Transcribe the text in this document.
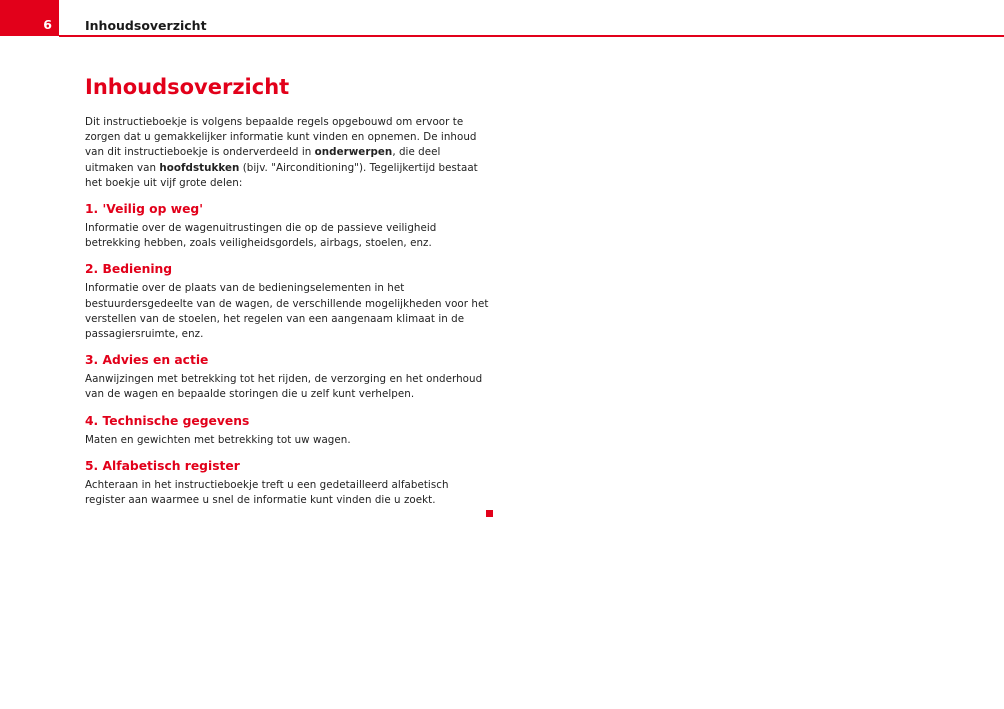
6	Inhoudsoverzicht
Inhoudsoverzicht

Dit instructieboekje is volgens bepaalde regels opgebouwd om ervoor te zorgen dat u gemakkelijker informatie kunt vinden en opnemen. De inhoud van dit instructieboekje is onderverdeeld in onderwerpen, die deel uitmaken van hoofdstukken (bijv. "Airconditioning"). Tegelijkertijd bestaat het boekje uit vijf grote delen:

1. 'Veilig op weg'

Informatie over de wagenuitrustingen die op de passieve veiligheid betrekking hebben, zoals veiligheidsgordels, airbags, stoelen, enz.

2. Bediening

Informatie over de plaats van de bedieningselementen in het bestuurdersgedeelte van de wagen, de verschillende mogelijkheden voor het verstellen van de stoelen, het regelen van een aangenaam klimaat in de passagiersruimte, enz.

3. Advies en actie

Aanwijzingen met betrekking tot het rijden, de verzorging en het onderhoud van de wagen en bepaalde storingen die u zelf kunt verhelpen.

4. Technische gegevens

Maten en gewichten met betrekking tot uw wagen.

5. Alfabetisch register

Achteraan in het instructieboekje treft u een gedetailleerd alfabetisch register aan waarmee u snel de informatie kunt vinden die u zoekt.
